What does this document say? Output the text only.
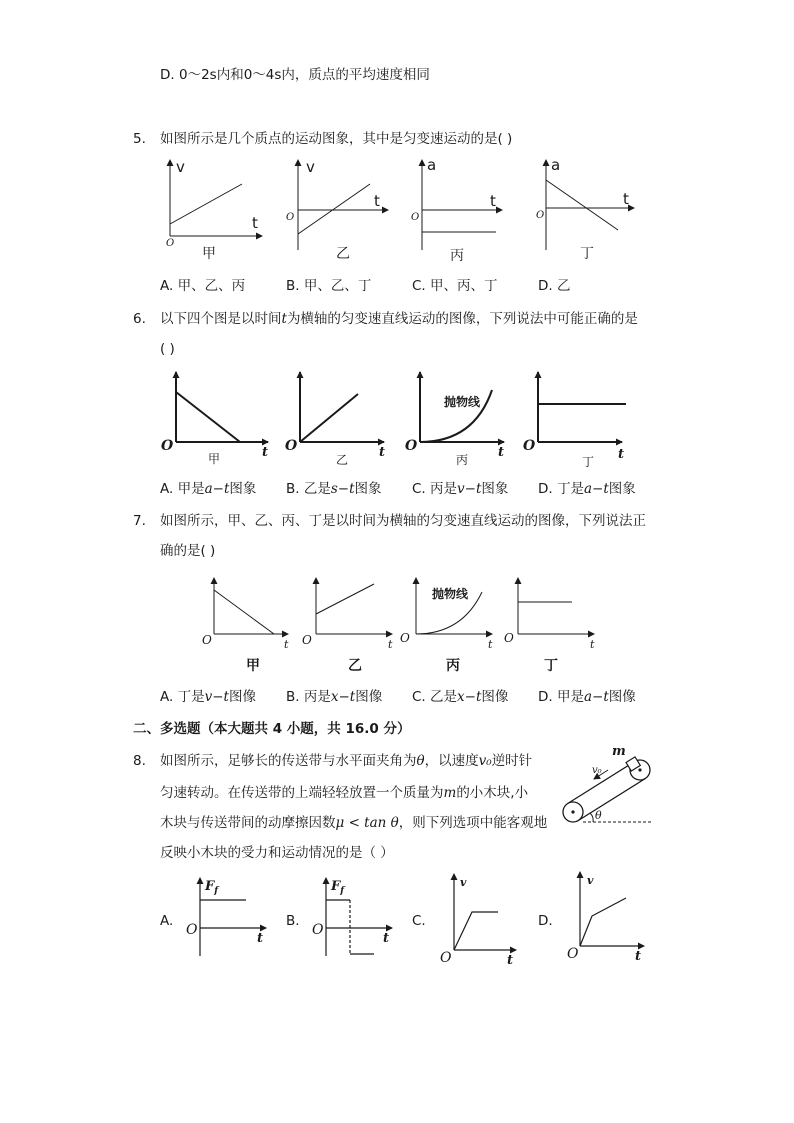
D. 0～2s内和0～4s内，质点的平均速度相同
5. 如图所示是几个质点的运动图象，其中是匀变速运动的是( )
v
t
O
甲
v
t
O
乙
a
t
O
丙
a
t
O
丁
A. 甲、乙、丙	B. 甲、乙、丁	C. 甲、丙、丁	D. 乙
6. 以下四个图是以时间t为横轴的匀变速直线运动的图像，下列说法中可能正确的是
( )
t
O
甲	t
O
乙
抛物线
t
O
丙	t
O
丁
A. 甲是a−t图象 B. 乙是s−t图象 C. 丙是v−t图象 D. 丁是a−t图象
7. 如图所示，甲、乙、丙、丁是以时间为横轴的匀变速直线运动的图像，下列说法正
确的是( )
t
O
甲
t
O
乙
抛物线
t
O
丙
t
O
丁
A. 丁是v−t图像 B. 丙是x−t图像 C. 乙是x−t图像 D. 甲是a−t图像
二、多选题（本大题共 4 小题，共 16.0 分）
8. 如图所示，足够长的传送带与水平面夹角为θ，以速度v₀逆时针
匀速转动。在传送带的上端轻轻放置一个质量为m的小木块,小
木块与传送带间的动摩擦因数μ < tan θ，则下列选项中能客观地
反映小木块的受力和运动情况的是（ ）
m
v₀
θ
A.
$F_f$
t
O
B.
$F_f$
t
O
C.
v
t
O
D.
v
t
O
